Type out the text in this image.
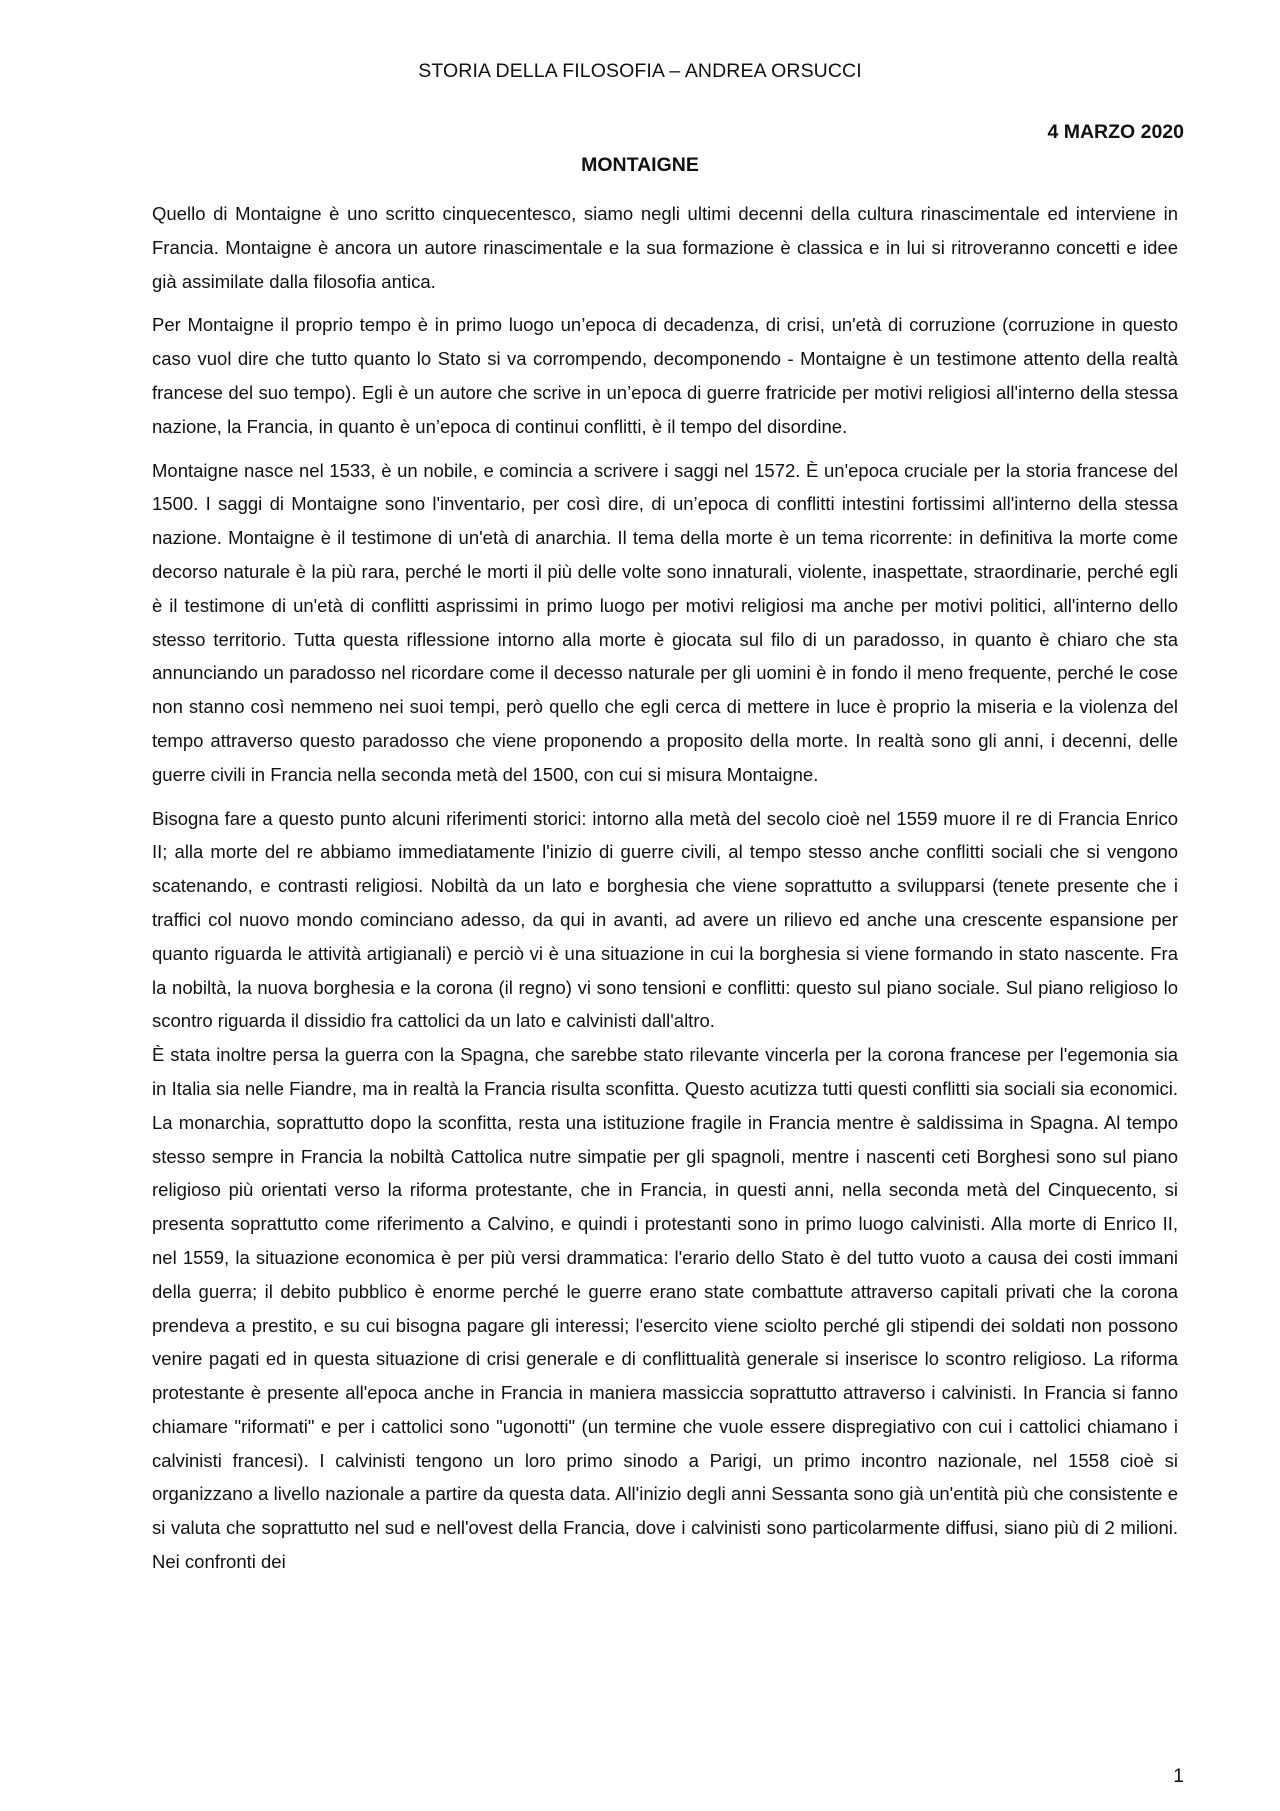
STORIA DELLA FILOSOFIA – ANDREA ORSUCCI
4 MARZO 2020
MONTAIGNE

Quello di Montaigne è uno scritto cinquecentesco, siamo negli ultimi decenni della cultura rinascimentale ed interviene in Francia. Montaigne è ancora un autore rinascimentale e la sua formazione è classica e in lui si ritroveranno concetti e idee già assimilate dalla filosofia antica.

Per Montaigne il proprio tempo è in primo luogo un’epoca di decadenza, di crisi, un'età di corruzione (corruzione in questo caso vuol dire che tutto quanto lo Stato si va corrompendo, decomponendo - Montaigne è un testimone attento della realtà francese del suo tempo). Egli è un autore che scrive in un’epoca di guerre fratricide per motivi religiosi all'interno della stessa nazione, la Francia, in quanto è un’epoca di continui conflitti, è il tempo del disordine.

Montaigne nasce nel 1533, è un nobile, e comincia a scrivere i saggi nel 1572. È un'epoca cruciale per la storia francese del 1500. I saggi di Montaigne sono l'inventario, per così dire, di un’epoca di conflitti intestini fortissimi all'interno della stessa nazione. Montaigne è il testimone di un'età di anarchia. Il tema della morte è un tema ricorrente: in definitiva la morte come decorso naturale è la più rara, perché le morti il più delle volte sono innaturali, violente, inaspettate, straordinarie, perché egli è il testimone di un'età di conflitti asprissimi in primo luogo per motivi religiosi ma anche per motivi politici, all'interno dello stesso territorio. Tutta questa riflessione intorno alla morte è giocata sul filo di un paradosso, in quanto è chiaro che sta annunciando un paradosso nel ricordare come il decesso naturale per gli uomini è in fondo il meno frequente, perché le cose non stanno così nemmeno nei suoi tempi, però quello che egli cerca di mettere in luce è proprio la miseria e la violenza del tempo attraverso questo paradosso che viene proponendo a proposito della morte. In realtà sono gli anni, i decenni, delle guerre civili in Francia nella seconda metà del 1500, con cui si misura Montaigne.

Bisogna fare a questo punto alcuni riferimenti storici: intorno alla metà del secolo cioè nel 1559 muore il re di Francia Enrico II; alla morte del re abbiamo immediatamente l'inizio di guerre civili, al tempo stesso anche conflitti sociali che si vengono scatenando, e contrasti religiosi. Nobiltà da un lato e borghesia che viene soprattutto a svilupparsi (tenete presente che i traffici col nuovo mondo cominciano adesso, da qui in avanti, ad avere un rilievo ed anche una crescente espansione per quanto riguarda le attività artigianali) e perciò vi è una situazione in cui la borghesia si viene formando in stato nascente. Fra la nobiltà, la nuova borghesia e la corona (il regno) vi sono tensioni e conflitti: questo sul piano sociale. Sul piano religioso lo scontro riguarda il dissidio fra cattolici da un lato e calvinisti dall'altro.

È stata inoltre persa la guerra con la Spagna, che sarebbe stato rilevante vincerla per la corona francese per l'egemonia sia in Italia sia nelle Fiandre, ma in realtà la Francia risulta sconfitta. Questo acutizza tutti questi conflitti sia sociali sia economici. La monarchia, soprattutto dopo la sconfitta, resta una istituzione fragile in Francia mentre è saldissima in Spagna. Al tempo stesso sempre in Francia la nobiltà Cattolica nutre simpatie per gli spagnoli, mentre i nascenti ceti Borghesi sono sul piano religioso più orientati verso la riforma protestante, che in Francia, in questi anni, nella seconda metà del Cinquecento, si presenta soprattutto come riferimento a Calvino, e quindi i protestanti sono in primo luogo calvinisti. Alla morte di Enrico II, nel 1559, la situazione economica è per più versi drammatica: l'erario dello Stato è del tutto vuoto a causa dei costi immani della guerra; il debito pubblico è enorme perché le guerre erano state combattute attraverso capitali privati che la corona prendeva a prestito, e su cui bisogna pagare gli interessi; l'esercito viene sciolto perché gli stipendi dei soldati non possono venire pagati ed in questa situazione di crisi generale e di conflittualità generale si inserisce lo scontro religioso. La riforma protestante è presente all'epoca anche in Francia in maniera massiccia soprattutto attraverso i calvinisti. In Francia si fanno chiamare "riformati" e per i cattolici sono "ugonotti" (un termine che vuole essere dispregiativo con cui i cattolici chiamano i calvinisti francesi). I calvinisti tengono un loro primo sinodo a Parigi, un primo incontro nazionale, nel 1558 cioè si organizzano a livello nazionale a partire da questa data. All'inizio degli anni Sessanta sono già un'entità più che consistente e si valuta che soprattutto nel sud e nell'ovest della Francia, dove i calvinisti sono particolarmente diffusi, siano più di 2 milioni. Nei confronti dei

1
